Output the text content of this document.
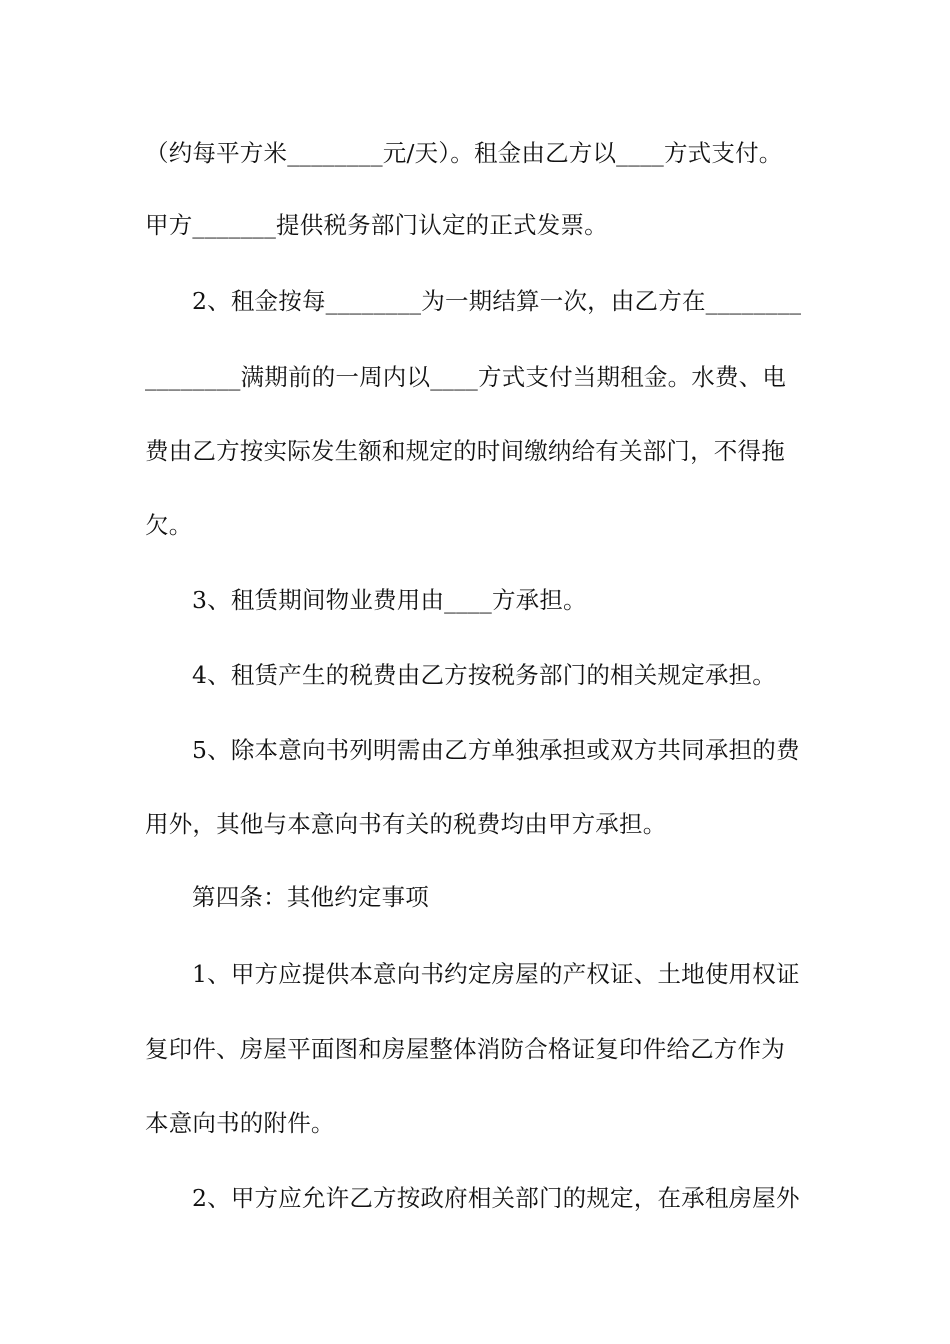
（约每平方米________元/天）。租金由乙方以____方式支付。
甲方_______提供税务部门认定的正式发票。
2、租金按每________为一期结算一次，由乙方在________
________满期前的一周内以____方式支付当期租金。水费、电
费由乙方按实际发生额和规定的时间缴纳给有关部门，不得拖
欠。
3、租赁期间物业费用由____方承担。
4、租赁产生的税费由乙方按税务部门的相关规定承担。
5、除本意向书列明需由乙方单独承担或双方共同承担的费
用外，其他与本意向书有关的税费均由甲方承担。
第四条：其他约定事项
1、甲方应提供本意向书约定房屋的产权证、土地使用权证
复印件、房屋平面图和房屋整体消防合格证复印件给乙方作为
本意向书的附件。
2、甲方应允许乙方按政府相关部门的规定，在承租房屋外
